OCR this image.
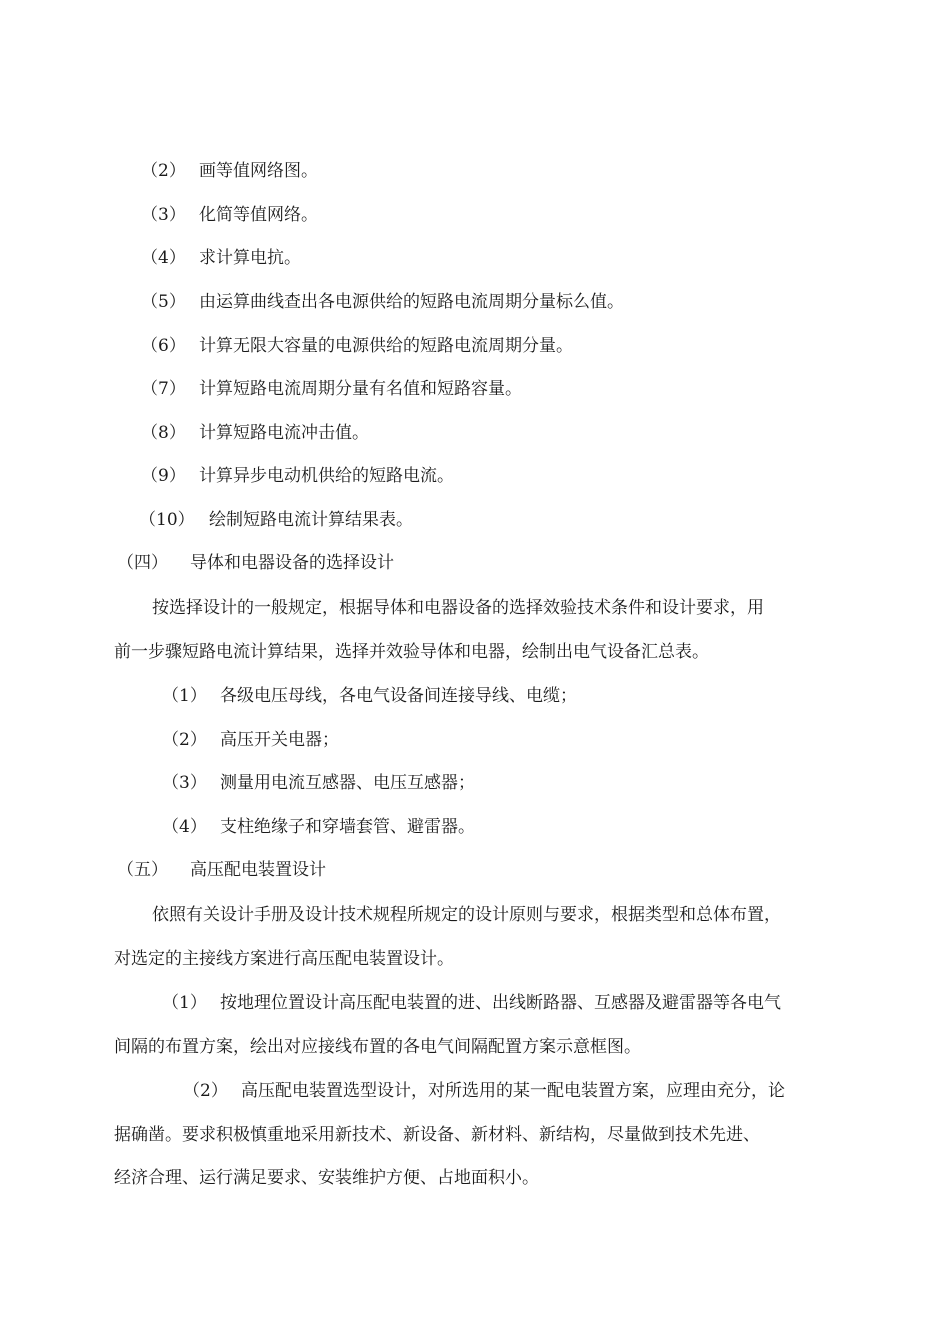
（2） 画等值网络图。
（3） 化简等值网络。
（4） 求计算电抗。
（5） 由运算曲线查出各电源供给的短路电流周期分量标么值。
（6） 计算无限大容量的电源供给的短路电流周期分量。
（7） 计算短路电流周期分量有名值和短路容量。
（8） 计算短路电流冲击值。
（9） 计算异步电动机供给的短路电流。
（10） 绘制短路电流计算结果表。
（四） 导体和电器设备的选择设计
按选择设计的一般规定，根据导体和电器设备的选择效验技术条件和设计要求，用
前一步骤短路电流计算结果，选择并效验导体和电器，绘制出电气设备汇总表。
（1） 各级电压母线，各电气设备间连接导线、电缆；
（2） 高压开关电器；
（3） 测量用电流互感器、电压互感器；
（4） 支柱绝缘子和穿墙套管、避雷器。
（五） 高压配电装置设计
依照有关设计手册及设计技术规程所规定的设计原则与要求，根据类型和总体布置，
对选定的主接线方案进行高压配电装置设计。
（1） 按地理位置设计高压配电装置的进、出线断路器、互感器及避雷器等各电气
间隔的布置方案，绘出对应接线布置的各电气间隔配置方案示意框图。
（2） 高压配电装置选型设计，对所选用的某一配电装置方案，应理由充分，论
据确凿。要求积极慎重地采用新技术、新设备、新材料、新结构，尽量做到技术先进、
经济合理、运行满足要求、安装维护方便、占地面积小。
